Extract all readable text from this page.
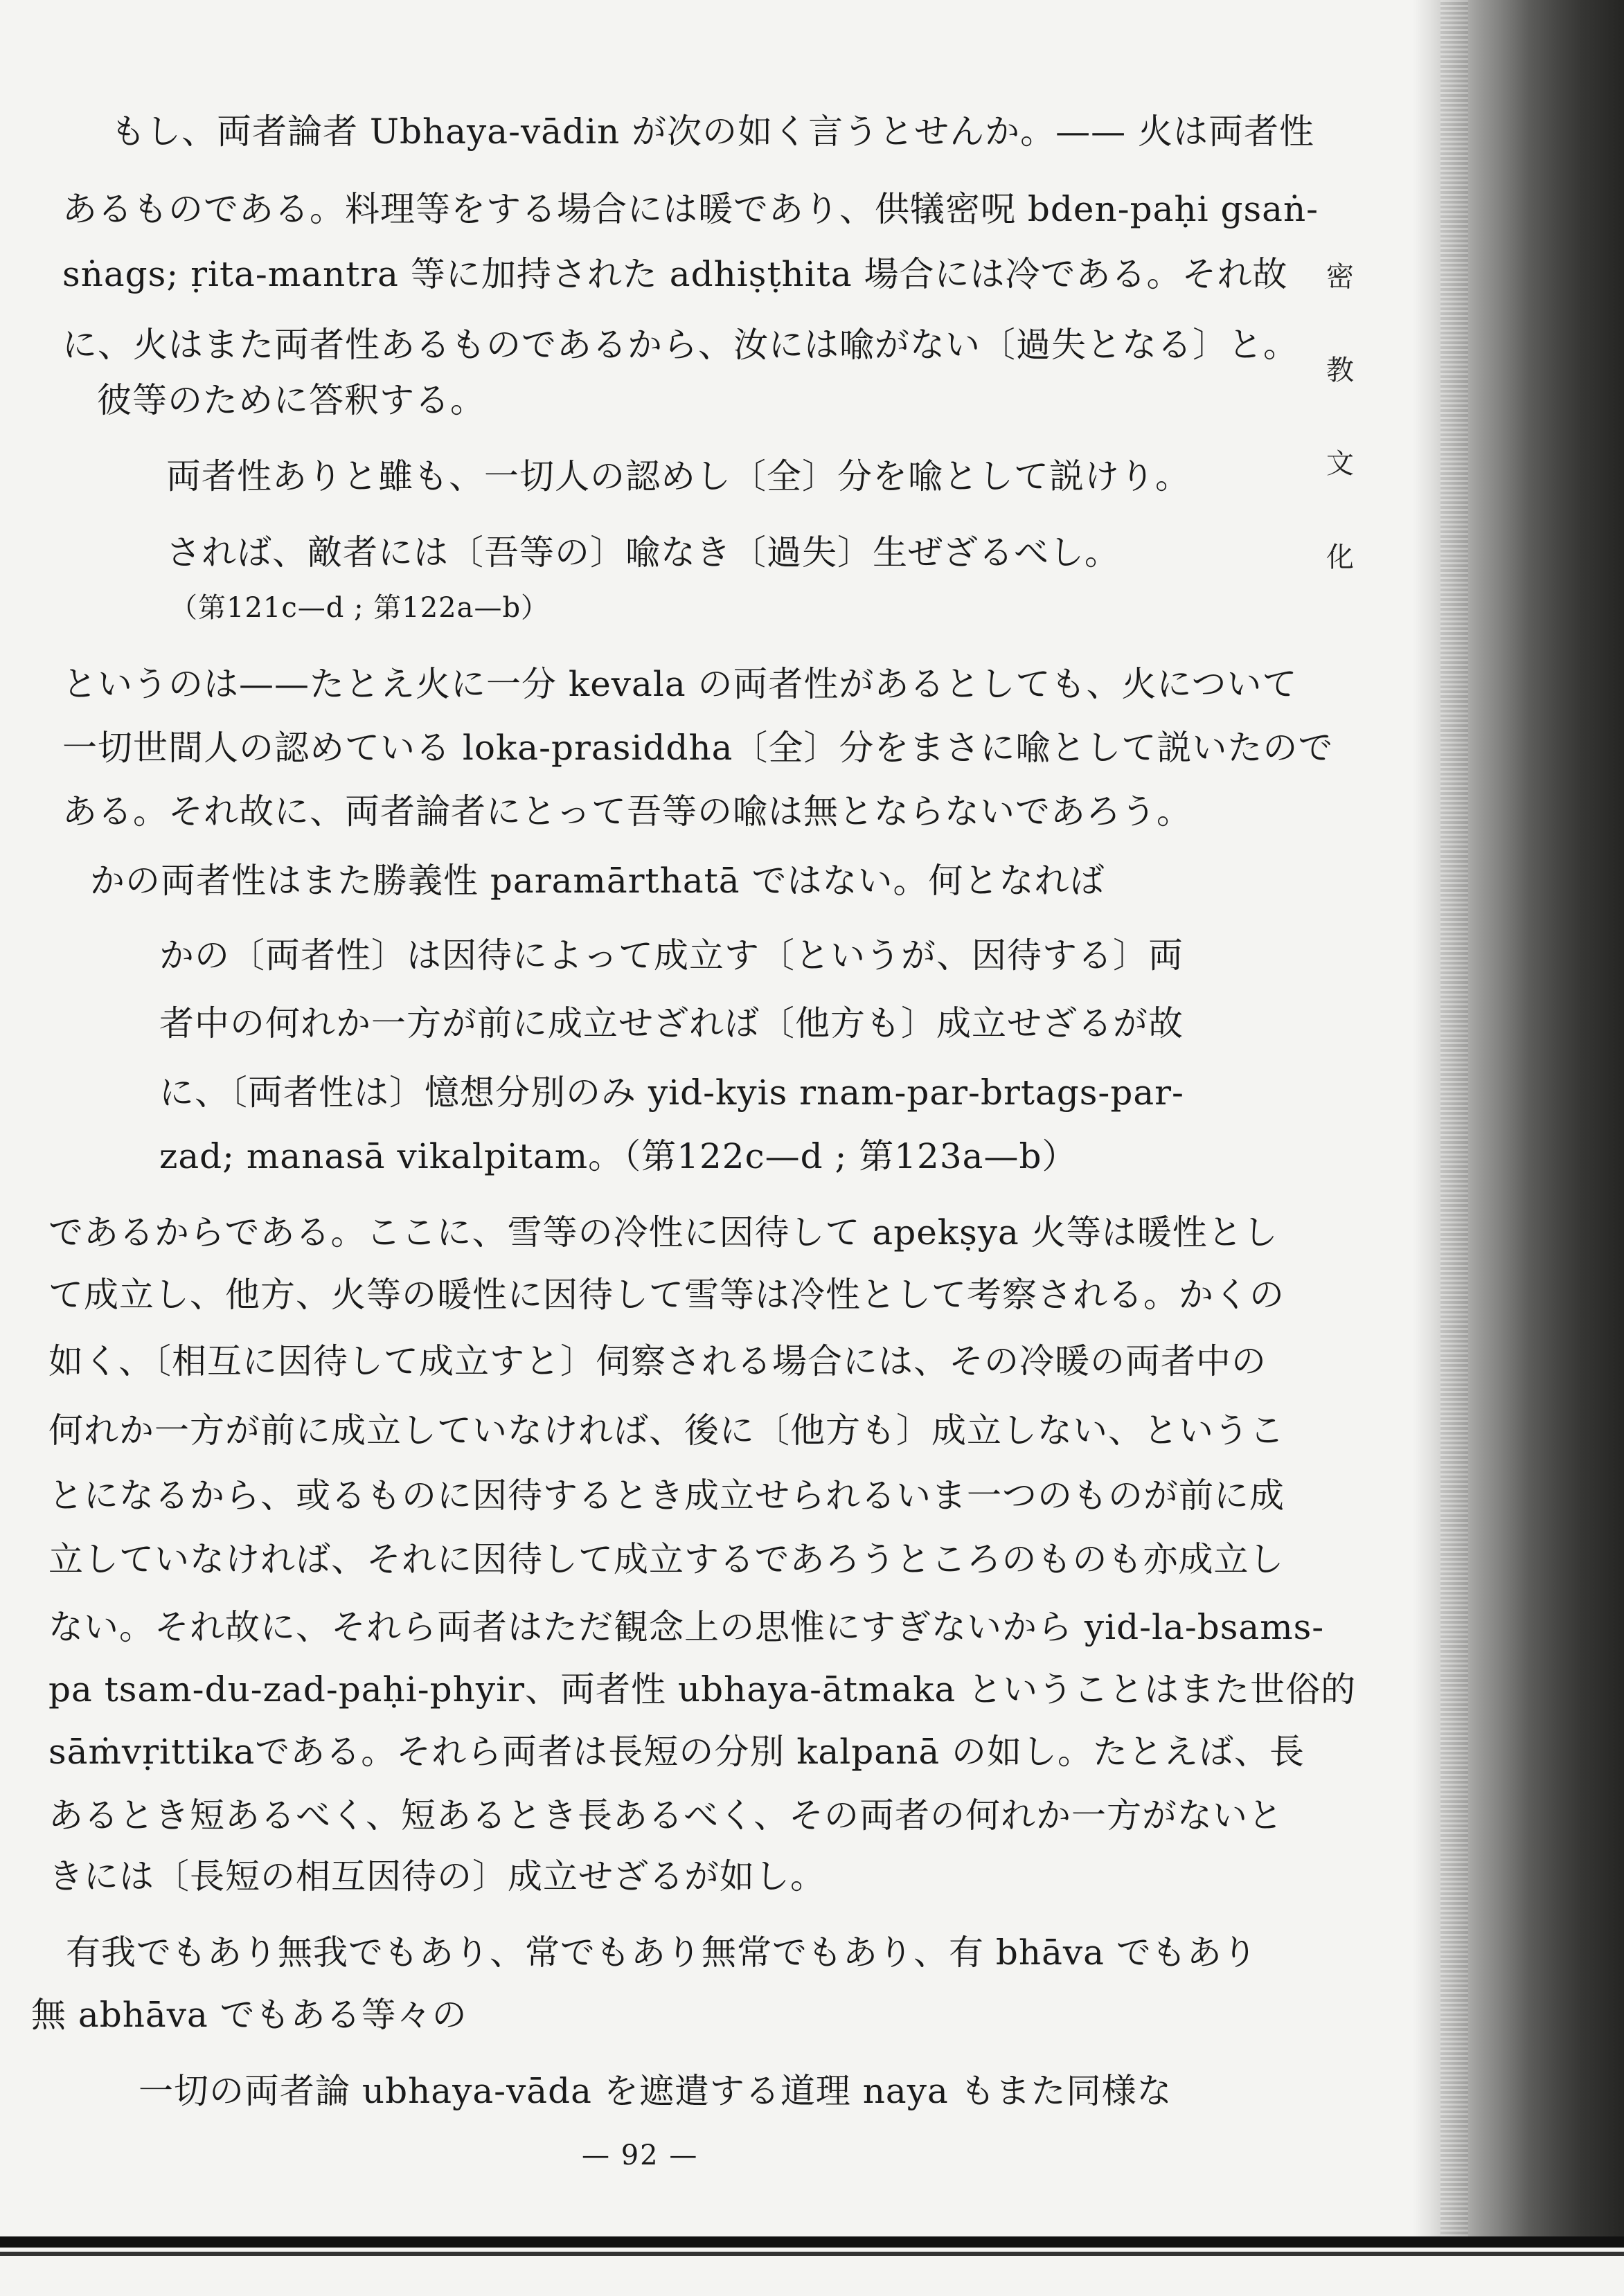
密
教
文
化
もし、両者論者 Ubhaya-vādin が次の如く言うとせんか。—— 火は両者性
あるものである。料理等をする場合には暖であり、供犠密呪 bden-paḥi gsaṅ-
sṅags; ṛita-mantra 等に加持された adhiṣṭhita 場合には冷である。それ故
に、火はまた両者性あるものであるから、汝には喩がない〔過失となる〕と。
彼等のために答釈する。
両者性ありと雖も、一切人の認めし〔全〕分を喩として説けり。
されば、敵者には〔吾等の〕喩なき〔過失〕生ぜざるべし。
（第121c—d ; 第122a—b）
というのは——たとえ火に一分 kevala の両者性があるとしても、火について
一切世間人の認めている loka-prasiddha〔全〕分をまさに喩として説いたので
ある。それ故に、両者論者にとって吾等の喩は無とならないであろう。
かの両者性はまた勝義性 paramārthatā ではない。何となれば
かの〔両者性〕は因待によって成立す〔というが、因待する〕両
者中の何れか一方が前に成立せざれば〔他方も〕成立せざるが故
に、〔両者性は〕憶想分別のみ yid-kyis rnam-par-brtags-par-
zad; manasā vikalpitam。（第122c—d ; 第123a—b）
であるからである。ここに、雪等の冷性に因待して apekṣya 火等は暖性とし
て成立し、他方、火等の暖性に因待して雪等は冷性として考察される。かくの
如く、〔相互に因待して成立すと〕伺察される場合には、その冷暖の両者中の
何れか一方が前に成立していなければ、後に〔他方も〕成立しない、というこ
とになるから、或るものに因待するとき成立せられるいま一つのものが前に成
立していなければ、それに因待して成立するであろうところのものも亦成立し
ない。それ故に、それら両者はただ観念上の思惟にすぎないから yid-la-bsams-
pa tsam-du-zad-paḥi-phyir、両者性 ubhaya-ātmaka ということはまた世俗的
sāṁvṛittikaである。それら両者は長短の分別 kalpanā の如し。たとえば、長
あるとき短あるべく、短あるとき長あるべく、その両者の何れか一方がないと
きには〔長短の相互因待の〕成立せざるが如し。
有我でもあり無我でもあり、常でもあり無常でもあり、有 bhāva でもあり
無 abhāva でもある等々の
一切の両者論 ubhaya-vāda を遮遣する道理 naya もまた同様な
— 92 —
